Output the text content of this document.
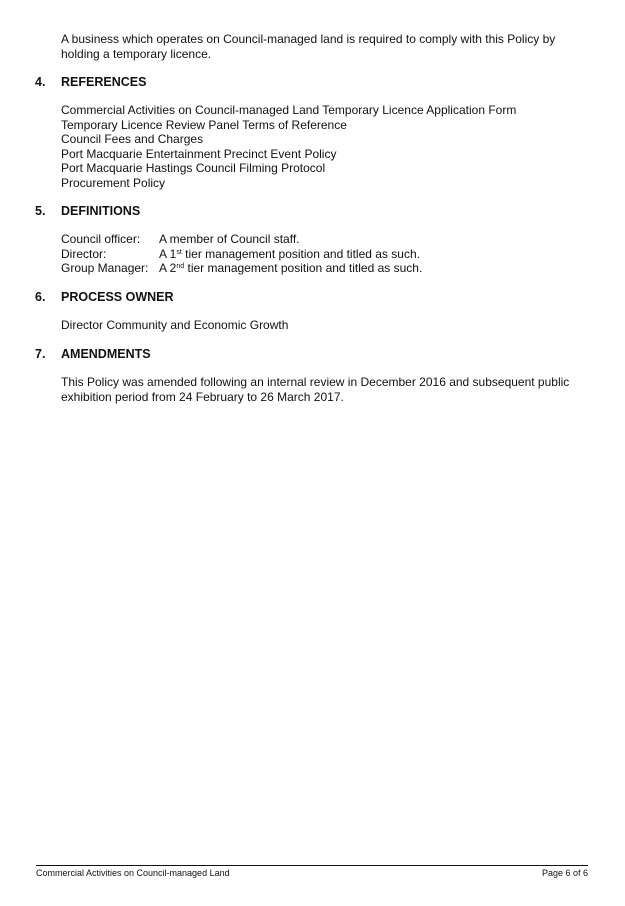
A business which operates on Council-managed land is required to comply with this Policy by holding a temporary licence.

4.	REFERENCES
Commercial Activities on Council-managed Land Temporary Licence Application Form
Temporary Licence Review Panel Terms of Reference
Council Fees and Charges
Port Macquarie Entertainment Precinct Event Policy
Port Macquarie Hastings Council Filming Protocol
Procurement Policy
5.	DEFINITIONS
Council officer:	A member of Council staff.
Director:	A 1st tier management position and titled as such.
Group Manager: A 2nd tier management position and titled as such.
6.	PROCESS OWNER
Director Community and Economic Growth
7.	AMENDMENTS
This Policy was amended following an internal review in December 2016 and subsequent public exhibition period from 24 February to 26 March 2017.
Commercial Activities on Council-managed Land	Page 6 of 6
